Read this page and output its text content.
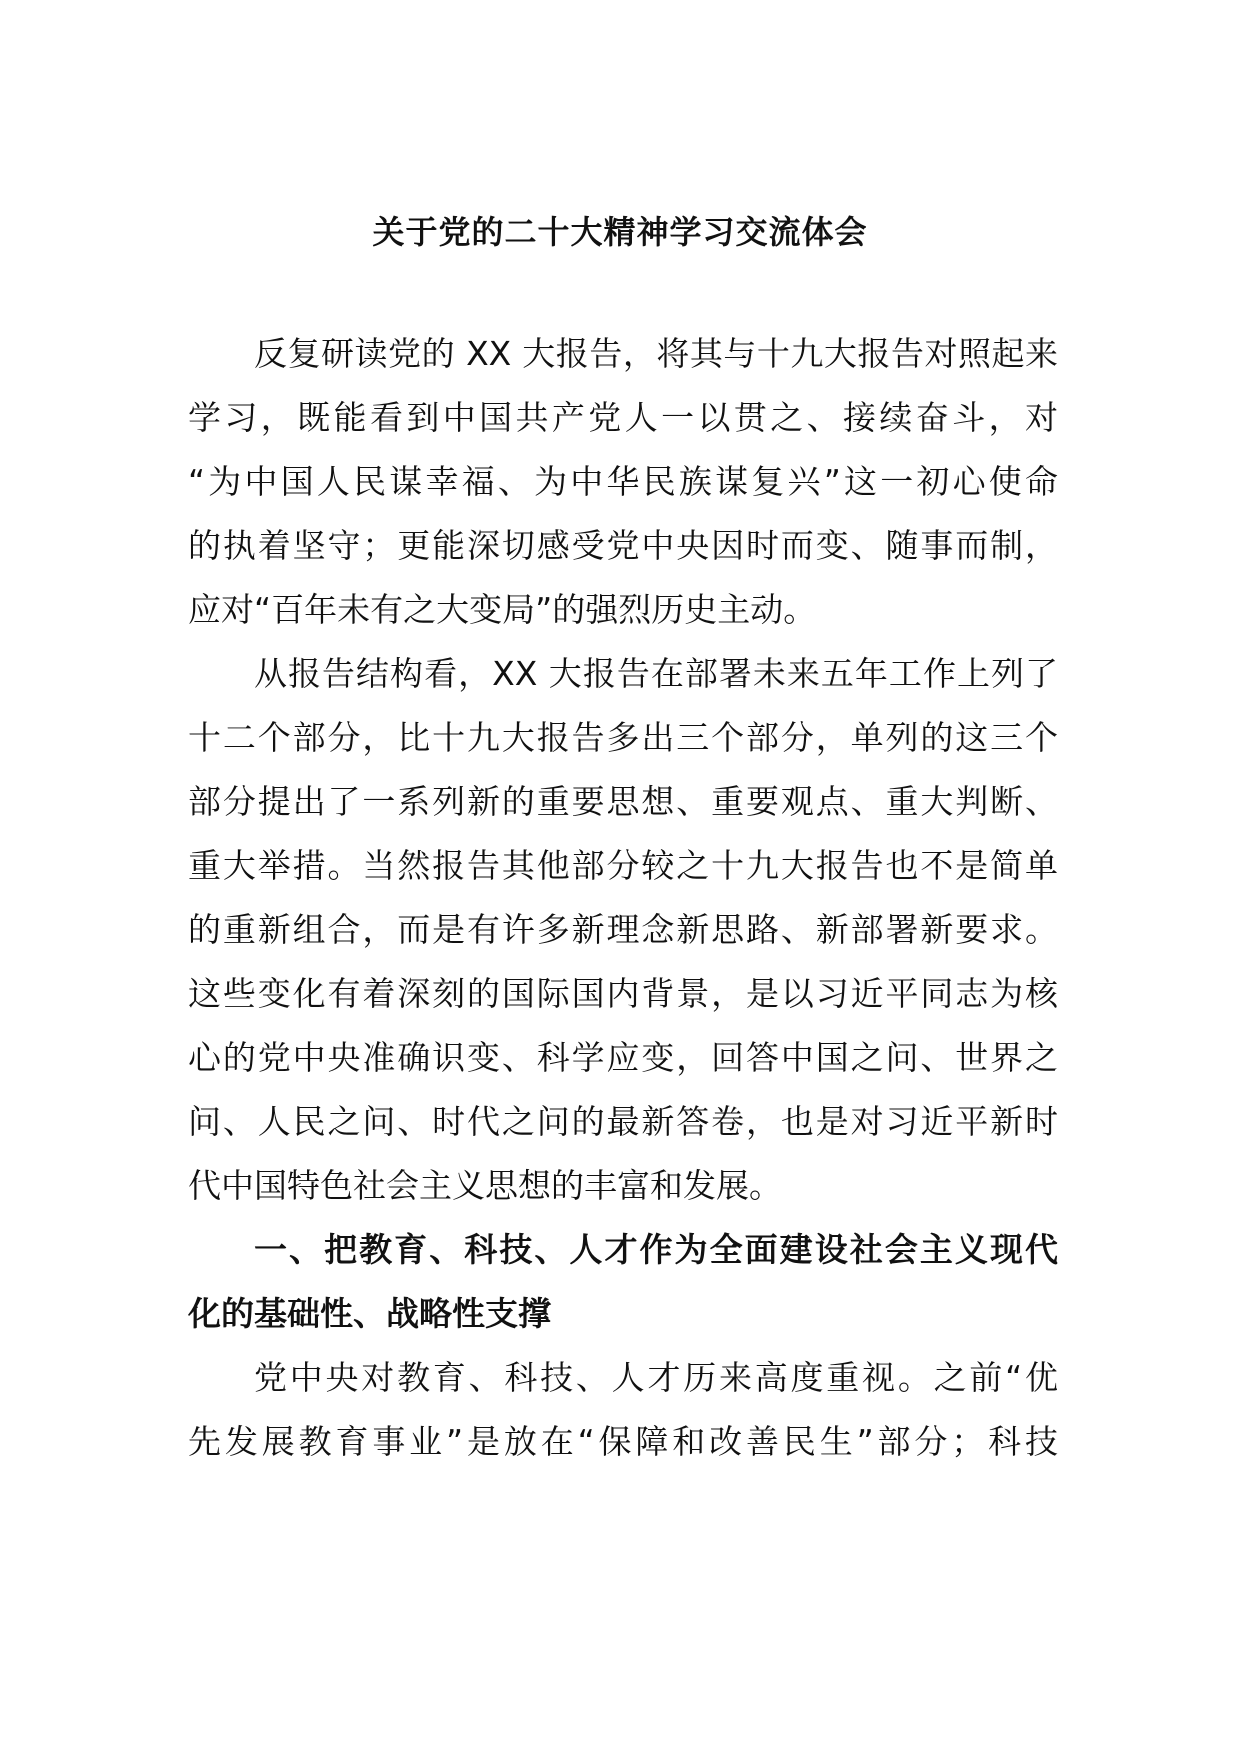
关于党的二十大精神学习交流体会
反复研读党的 XX 大报告，将其与十九大报告对照起来
学习，既能看到中国共产党人一以贯之、接续奋斗，对
“为中国人民谋幸福、为中华民族谋复兴”这一初心使命
的执着坚守；更能深切感受党中央因时而变、随事而制，
应对“百年未有之大变局”的强烈历史主动。
从报告结构看，XX 大报告在部署未来五年工作上列了
十二个部分，比十九大报告多出三个部分，单列的这三个
部分提出了一系列新的重要思想、重要观点、重大判断、
重大举措。当然报告其他部分较之十九大报告也不是简单
的重新组合，而是有许多新理念新思路、新部署新要求。
这些变化有着深刻的国际国内背景，是以习近平同志为核
心的党中央准确识变、科学应变，回答中国之问、世界之
问、人民之问、时代之问的最新答卷，也是对习近平新时
代中国特色社会主义思想的丰富和发展。
一、把教育、科技、人才作为全面建设社会主义现代
化的基础性、战略性支撑
党中央对教育、科技、人才历来高度重视。之前“优
先发展教育事业”是放在“保障和改善民生”部分；科技
